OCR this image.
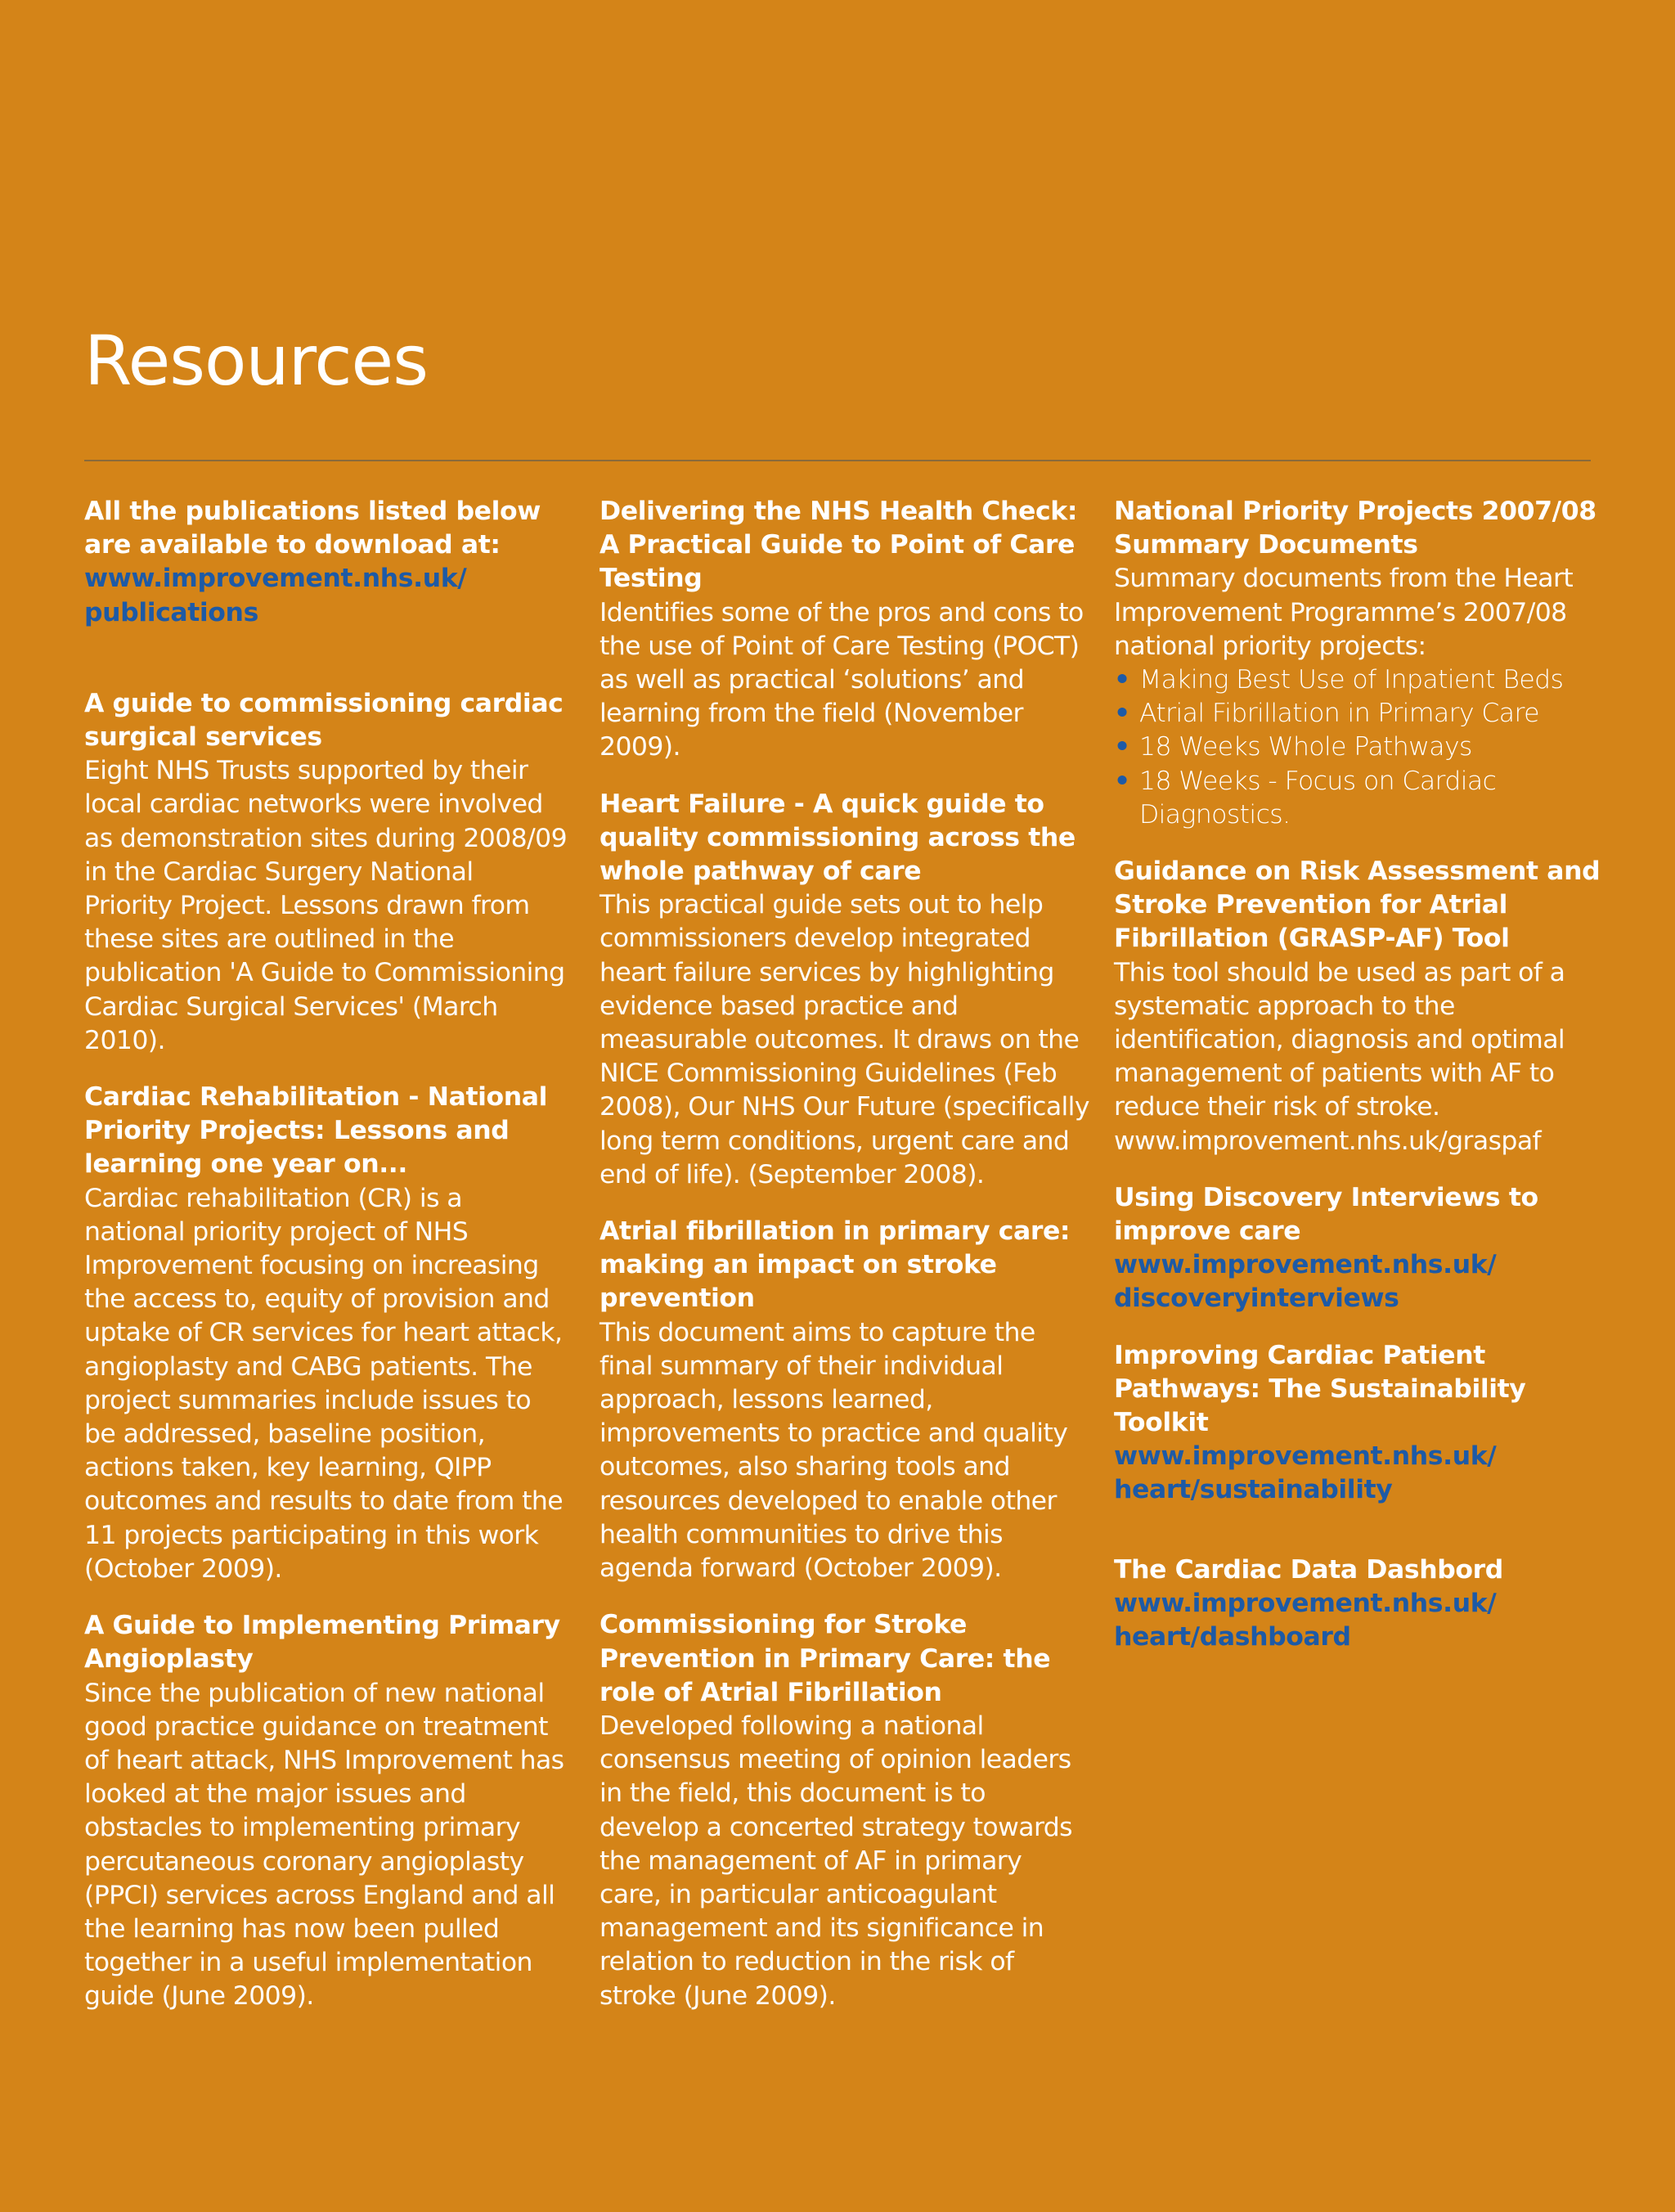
Resources
All the publications listed below are available to download at:
www.improvement.nhs.uk/ publications
A guide to commissioning cardiac surgical services
Eight NHS Trusts supported by their local cardiac networks were involved as demonstration sites during 2008/09 in the Cardiac Surgery National Priority Project. Lessons drawn from these sites are outlined in the publication 'A Guide to Commissioning Cardiac Surgical Services' (March 2010).
Cardiac Rehabilitation - National Priority Projects: Lessons and learning one year on...
Cardiac rehabilitation (CR) is a national priority project of NHS Improvement focusing on increasing the access to, equity of provision and uptake of CR services for heart attack, angioplasty and CABG patients. The project summaries include issues to be addressed, baseline position, actions taken, key learning, QIPP outcomes and results to date from the 11 projects participating in this work (October 2009).
A Guide to Implementing Primary Angioplasty
Since the publication of new national good practice guidance on treatment of heart attack, NHS Improvement has looked at the major issues and obstacles to implementing primary percutaneous coronary angioplasty (PPCI) services across England and all the learning has now been pulled together in a useful implementation guide (June 2009).
Delivering the NHS Health Check: A Practical Guide to Point of Care Testing
Identifies some of the pros and cons to the use of Point of Care Testing (POCT) as well as practical ‘solutions’ and learning from the field (November 2009).
Heart Failure - A quick guide to quality commissioning across the whole pathway of care
This practical guide sets out to help commissioners develop integrated heart failure services by highlighting evidence based practice and measurable outcomes. It draws on the NICE Commissioning Guidelines (Feb 2008), Our NHS Our Future (specifically long term conditions, urgent care and end of life). (September 2008).
Atrial fibrillation in primary care: making an impact on stroke prevention
This document aims to capture the final summary of their individual approach, lessons learned, improvements to practice and quality outcomes, also sharing tools and resources developed to enable other health communities to drive this agenda forward (October 2009).
Commissioning for Stroke Prevention in Primary Care: the role of Atrial Fibrillation
Developed following a national consensus meeting of opinion leaders in the field, this document is to develop a concerted strategy towards the management of AF in primary care, in particular anticoagulant management and its significance in relation to reduction in the risk of stroke (June 2009).
National Priority Projects 2007/08 Summary Documents
Summary documents from the Heart Improvement Programme’s 2007/08 national priority projects:
• Making Best Use of Inpatient Beds
• Atrial Fibrillation in Primary Care
• 18 Weeks Whole Pathways
• 18 Weeks - Focus on Cardiac Diagnostics.
Guidance on Risk Assessment and Stroke Prevention for Atrial Fibrillation (GRASP-AF) Tool
This tool should be used as part of a systematic approach to the identification, diagnosis and optimal management of patients with AF to reduce their risk of stroke.
www.improvement.nhs.uk/graspaf
Using Discovery Interviews to improve care
www.improvement.nhs.uk/ discoveryinterviews
Improving Cardiac Patient Pathways: The Sustainability Toolkit
www.improvement.nhs.uk/ heart/sustainability
The Cardiac Data Dashbord
www.improvement.nhs.uk/ heart/dashboard
